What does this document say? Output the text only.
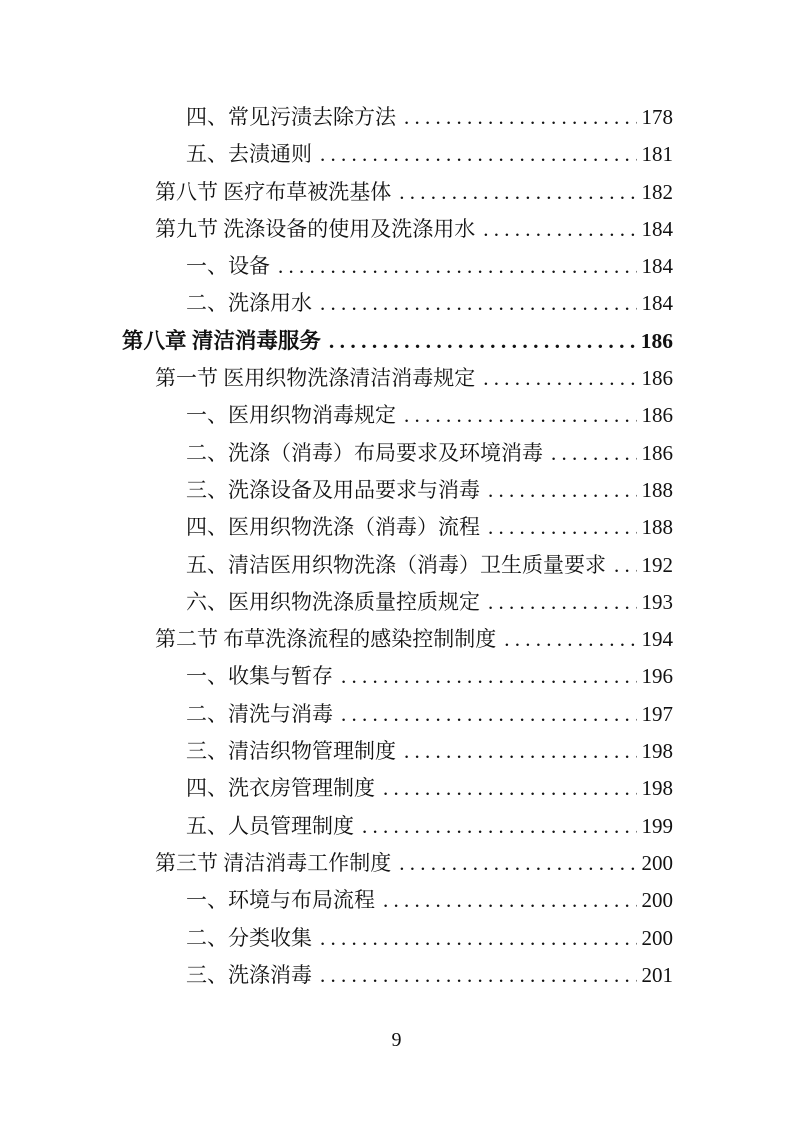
四、常见污渍去除方法 . . .	178
五、去渍通则 . . .	181
第八节 医疗布草被洗基体 . . .	182
第九节 洗涤设备的使用及洗涤用水 . . .	184
一、设备 . . .	184
二、洗涤用水 . . .	184
第八章 清洁消毒服务 . . .	186
第一节 医用织物洗涤清洁消毒规定 . . .	186
一、医用织物消毒规定 . . .	186
二、洗涤（消毒）布局要求及环境消毒 . . .	186
三、洗涤设备及用品要求与消毒 . . .	188
四、医用织物洗涤（消毒）流程 . . .	188
五、清洁医用织物洗涤（消毒）卫生质量要求 . . . 192
六、医用织物洗涤质量控质规定 . . .	193
第二节 布草洗涤流程的感染控制制度 . . .	194
一、收集与暂存 . . .	196
二、清洗与消毒 . . .	197
三、清洁织物管理制度 . . .	198
四、洗衣房管理制度 . . .	198
五、人员管理制度 . . .	199
第三节 清洁消毒工作制度 . . .	200
一、环境与布局流程 . . .	200
二、分类收集 . . .	200
三、洗涤消毒 . . .	201
9
